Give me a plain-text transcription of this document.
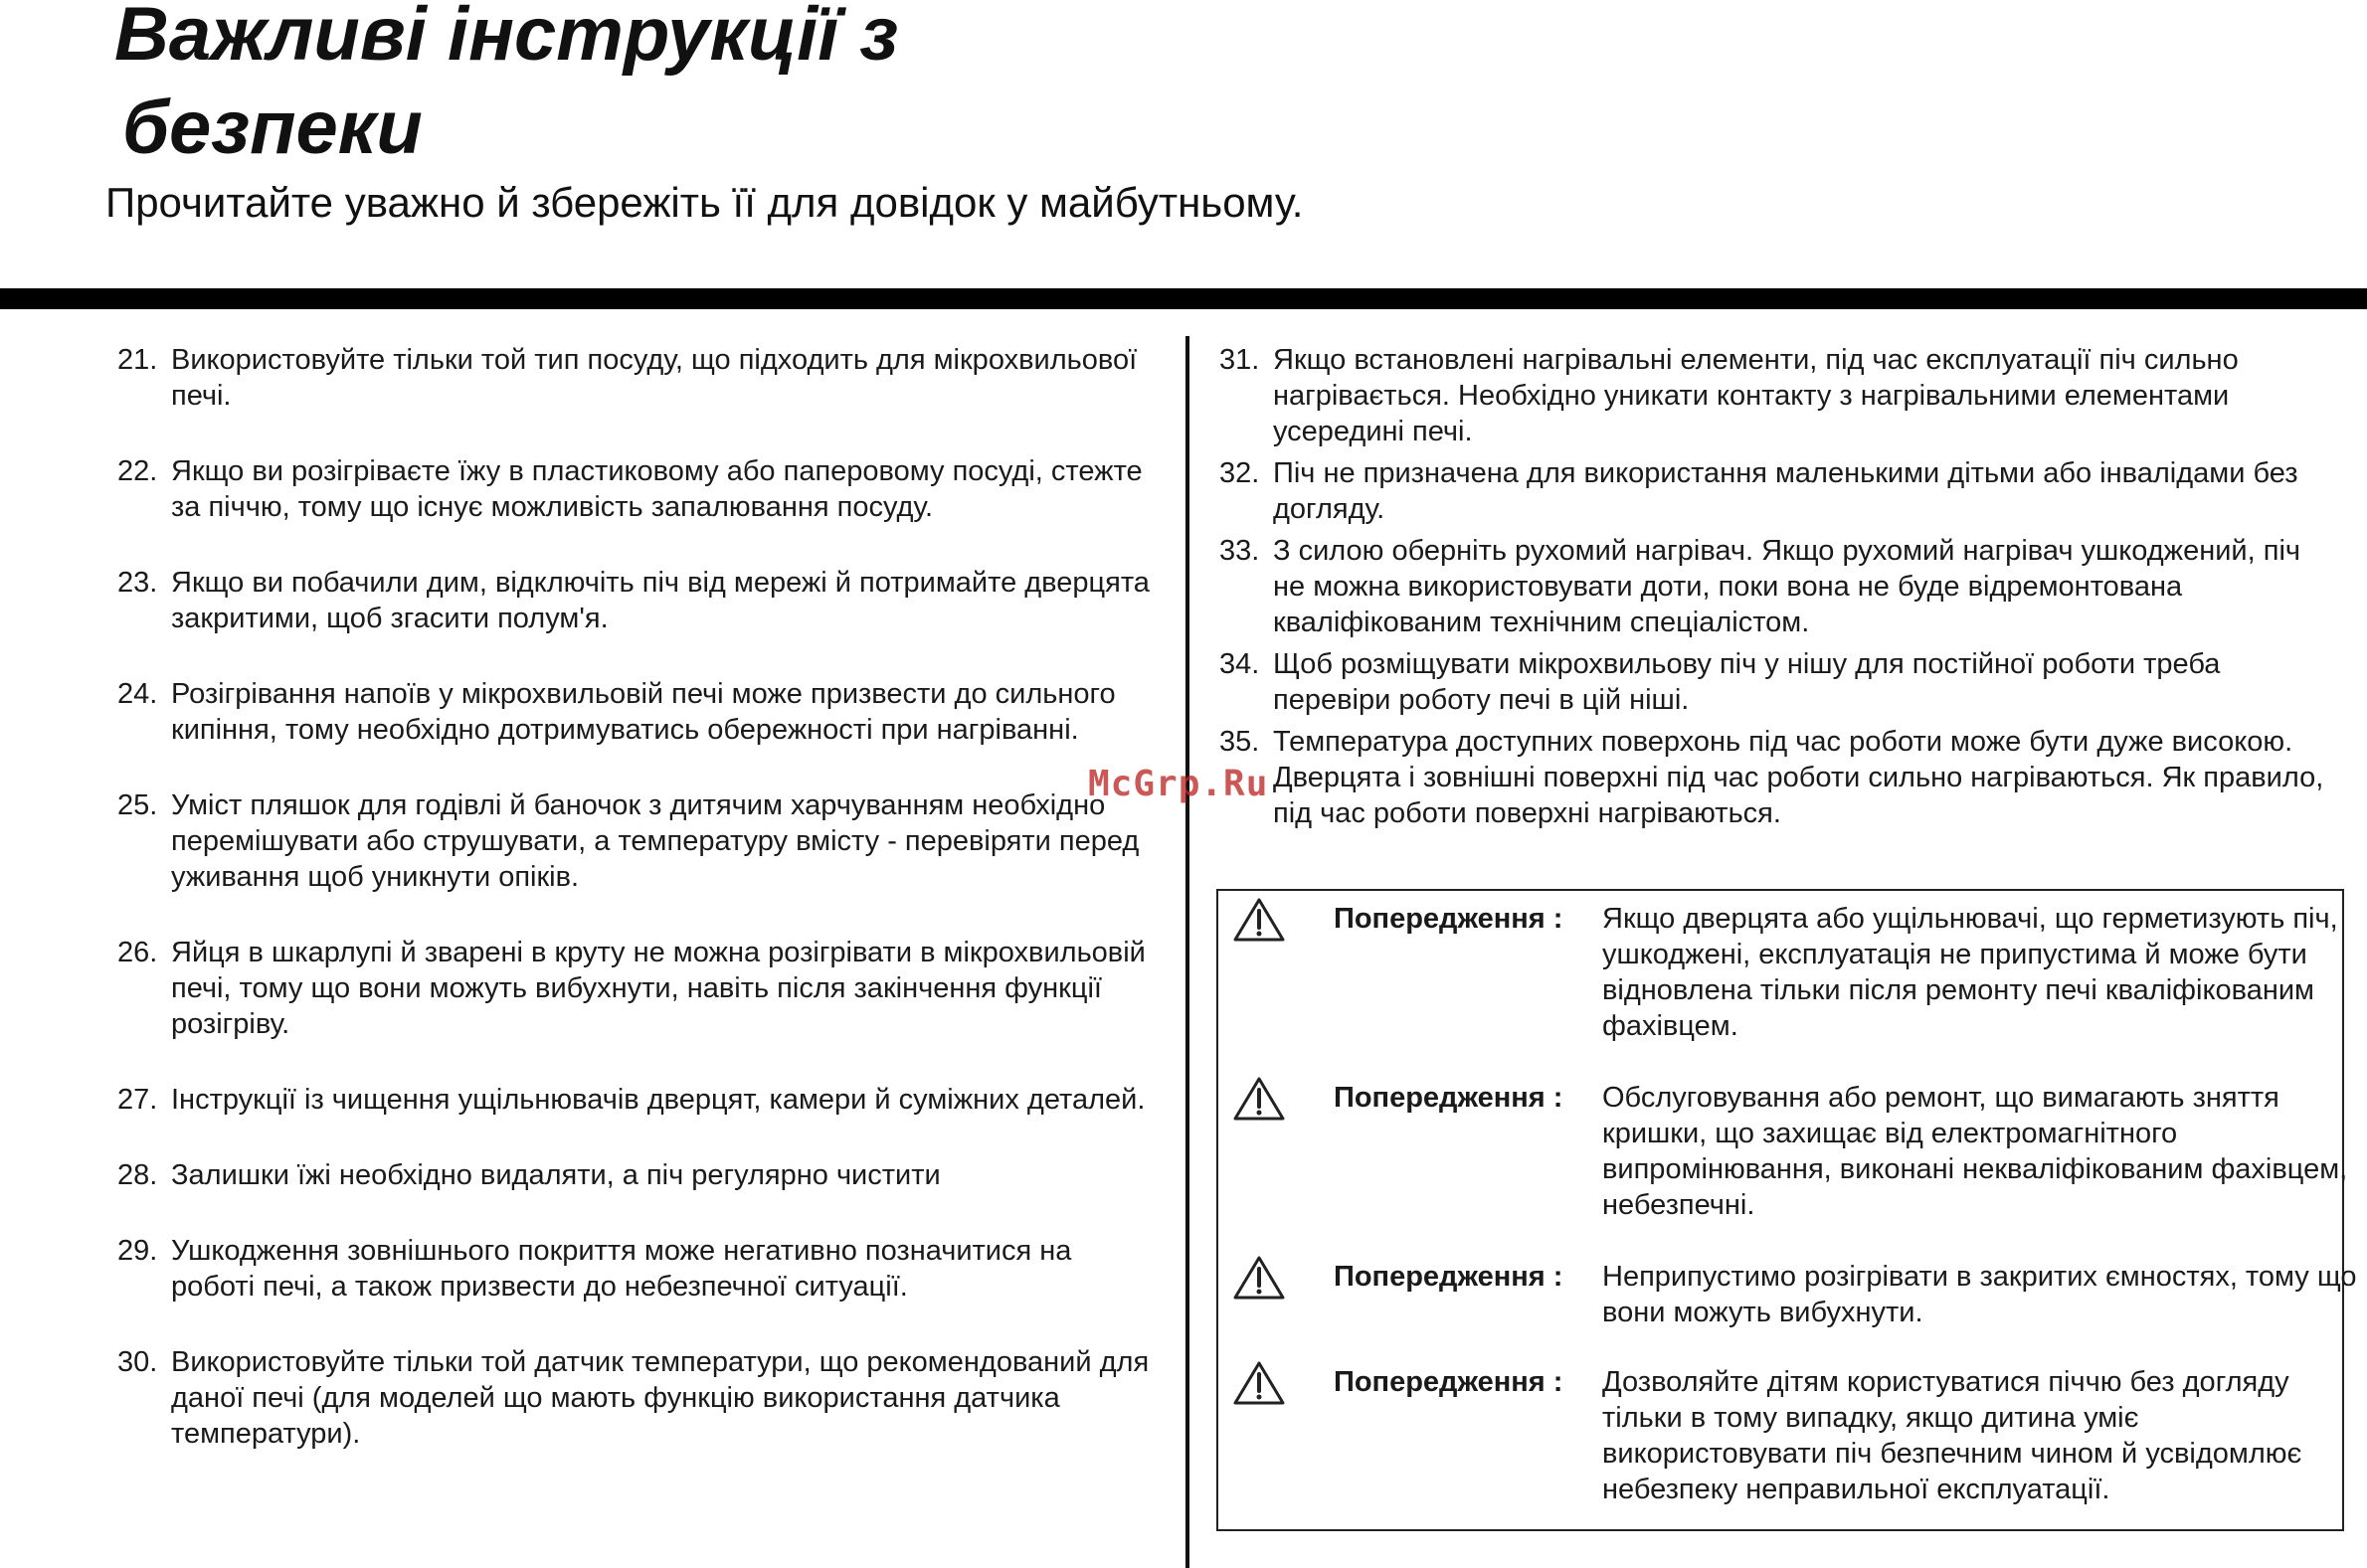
Важливі інструкції з
безпеки

Прочитайте уважно й збережіть її для довідок у майбутньому.

21. Використовуйте тільки той тип посуду, що підходить для мікрохвильової печі.
22. Якщо ви розігріваєте їжу в пластиковому або паперовому посуді, стежте за піччю, тому що існує можливість запалювання посуду.
23. Якщо ви побачили дим, відключіть піч від мережі й потримайте дверцята закритими, щоб згасити полум'я.
24. Розігрівання напоїв у мікрохвильовій печі може призвести до сильного кипіння, тому необхідно дотримуватись обережності при нагріванні.
25. Уміст пляшок для годівлі й баночок з дитячим харчуванням необхідно перемішувати або струшувати, а температуру вмісту - перевіряти перед уживання щоб уникнути опіків.
26. Яйця в шкарлупі й зварені в круту не можна розігрівати в мікрохвильовій печі, тому що вони можуть вибухнути, навіть після закінчення функції розігріву.
27. Інструкції із чищення ущільнювачів дверцят, камери й суміжних деталей.
28. Залишки їжі необхідно видаляти, а піч регулярно чистити
29. Ушкодження зовнішнього покриття може негативно позначитися на роботі печі, а також призвести до небезпечної ситуації.
30. Використовуйте тільки той датчик температури, що рекомендований для даної печі (для моделей що мають функцію використання датчика температури).
31. Якщо встановлені нагрівальні елементи, під час експлуатації піч сильно нагрівається. Необхідно уникати контакту з нагрівальними елементами усередині печі.
32. Піч не призначена для використання маленькими дітьми або інвалідами без догляду.
33. З силою оберніть рухомий нагрівач. Якщо рухомий нагрівач ушкоджений, піч не можна використовувати доти, поки вона не буде відремонтована кваліфікованим технічним спеціалістом.
34. Щоб розміщувати мікрохвильову піч у нішу для постійної роботи треба перевіри роботу печі в цій ніші.
35. Температура доступних поверхонь під час роботи може бути дуже високою. Дверцята і зовнішні поверхні під час роботи сильно нагріваються. Як правило, під час роботи поверхні нагріваються.
McGrp.Ru
Попередження :	Якщо дверцята або ущільнювачі, що герметизують піч, ушкоджені, експлуатація не припустима й може бути відновлена тільки після ремонту печі кваліфікованим фахівцем.
Попередження :	Обслуговування або ремонт, що вимагають зняття кришки, що захищає від електромагнітного випромінювання, виконані некваліфікованим фахівцем, небезпечні.
Попередження :	Неприпустимо розігрівати в закритих ємностях, тому що вони можуть вибухнути.
Попередження :	Дозволяйте дітям користуватися піччю без догляду тільки в тому випадку, якщо дитина уміє використовувати піч безпечним чином й усвідомлює небезпеку неправильної експлуатації.
